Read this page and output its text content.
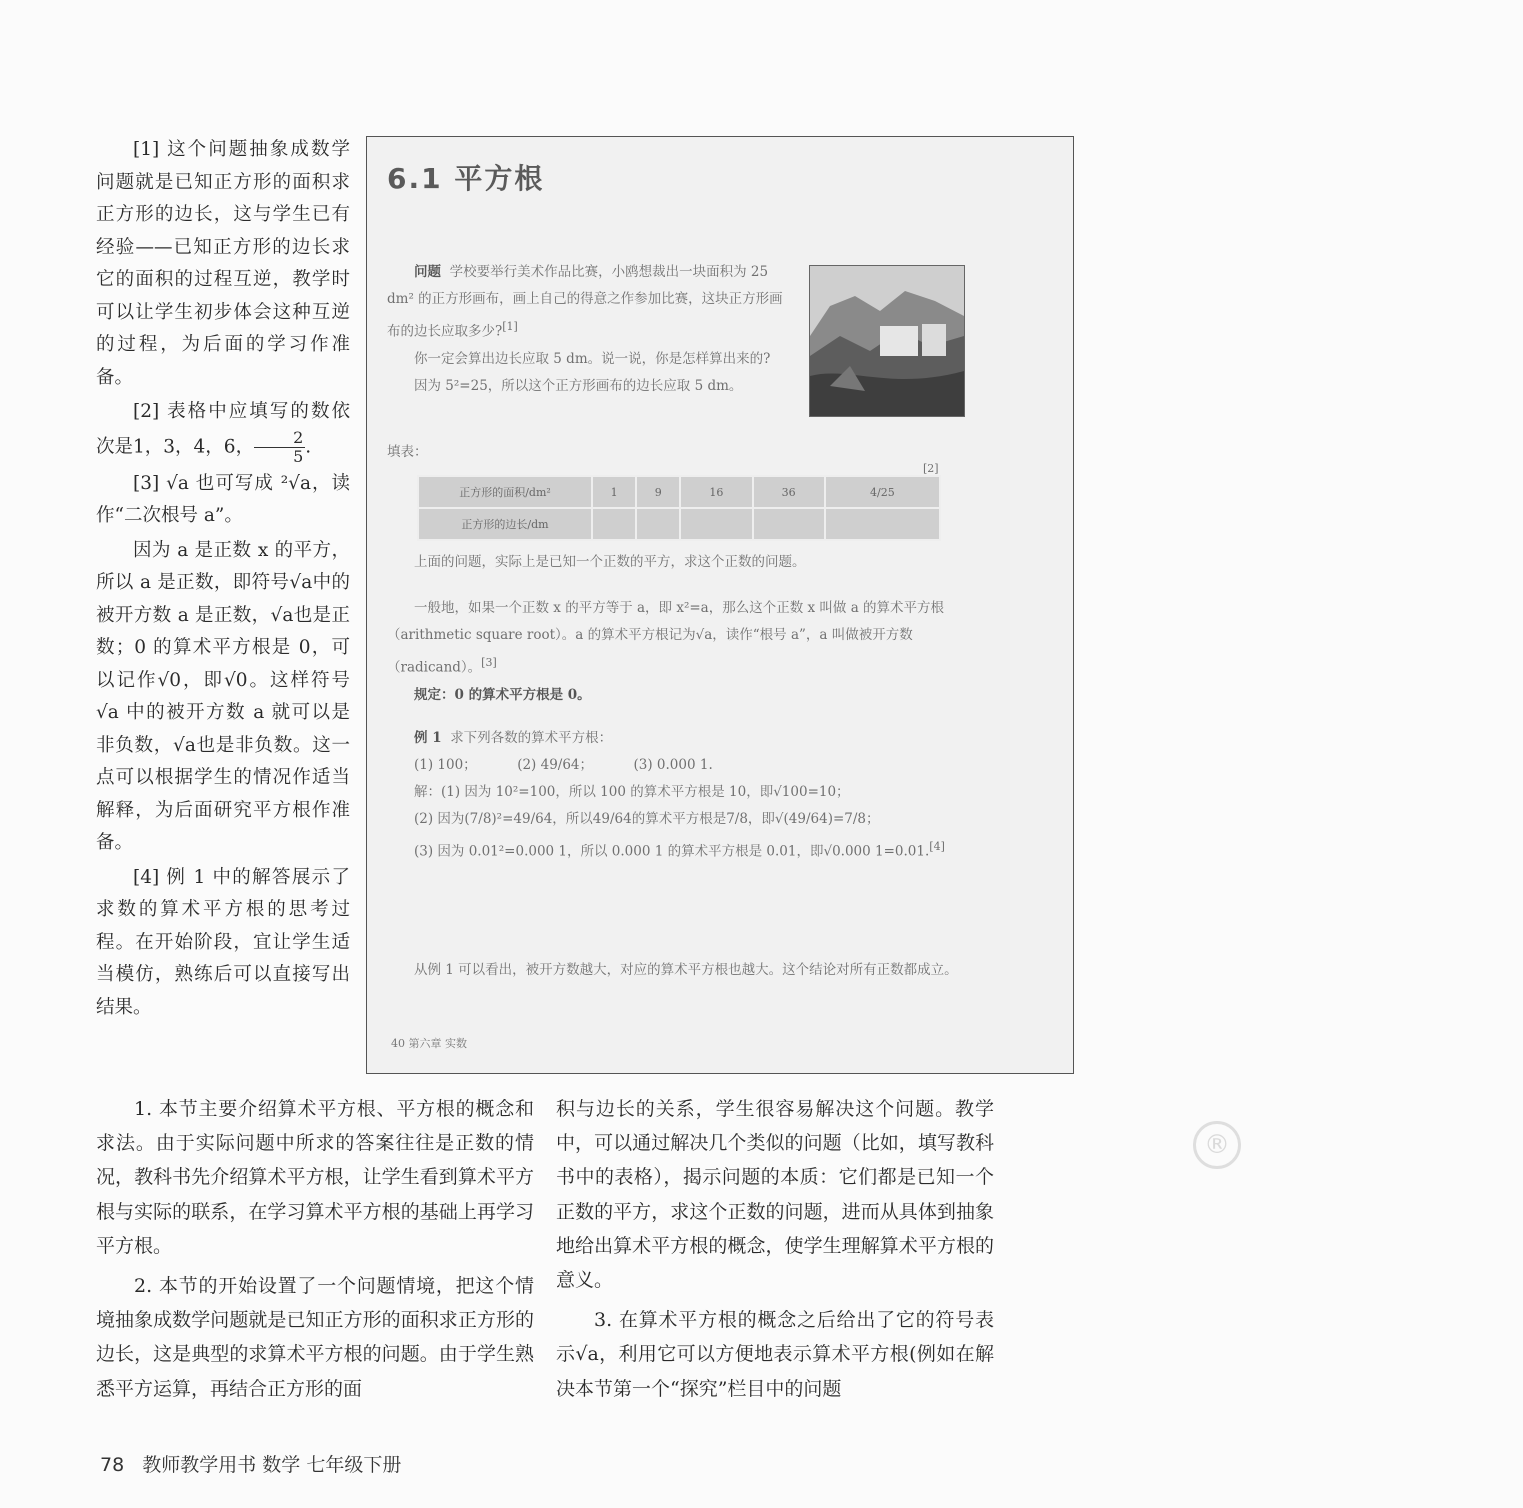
[1] 这个问题抽象成数学问题就是已知正方形的面积求正方形的边长，这与学生已有经验——已知正方形的边长求它的面积的过程互逆，教学时可以让学生初步体会这种互逆的过程，为后面的学习作准备。

[2] 表格中应填写的数依次是1，3，4，6， $\frac{2}{5}$ .

[3] √a 也可写成 ²√a，读作“二次根号 a”。

因为 a 是正数 x 的平方，所以 a 是正数，即符号√a中的被开方数 a 是正数，√a也是正数；0 的算术平方根是 0，可以记作√0，即√0。这样符号√a 中的被开方数 a 就可以是非负数，√a也是非负数。这一点可以根据学生的情况作适当解释，为后面研究平方根作准备。

[4] 例 1 中的解答展示了求数的算术平方根的思考过程。在开始阶段，宜让学生适当模仿，熟练后可以直接写出结果。

6.1 平方根

问题 学校要举行美术作品比赛，小鸥想裁出一块面积为 25 dm² 的正方形画布，画上自己的得意之作参加比赛，这块正方形画布的边长应取多少?[1]

你一定会算出边长应取 5 dm。说一说，你是怎样算出来的?

因为 5²=25，所以这个正方形画布的边长应取 5 dm。

填表：
[2]
正方形的面积/dm²	1	9	16	36	4/25
正方形的边长/dm					

上面的问题，实际上是已知一个正数的平方，求这个正数的问题。

一般地，如果一个正数 x 的平方等于 a，即 x²=a，那么这个正数 x 叫做 a 的算术平方根（arithmetic square root）。a 的算术平方根记为√a，读作“根号 a”，a 叫做被开方数（radicand）。[3]

规定：0 的算术平方根是 0。

例 1 求下列各数的算术平方根：

(1) 100；   	(2) 49/64；   	(3) 0.000 1.

解：(1) 因为 10²=100，所以 100 的算术平方根是 10，即√100=10；

(2) 因为(7/8)²=49/64，所以49/64的算术平方根是7/8，即√(49/64)=7/8；

(3) 因为 0.01²=0.000 1，所以 0.000 1 的算术平方根是 0.01，即√0.000 1=0.01.[4]

从例 1 可以看出，被开方数越大，对应的算术平方根也越大。这个结论对所有正数都成立。

40 第六章 实数
®

1. 本节主要介绍算术平方根、平方根的概念和求法。由于实际问题中所求的答案往往是正数的情况，教科书先介绍算术平方根，让学生看到算术平方根与实际的联系，在学习算术平方根的基础上再学习平方根。

2. 本节的开始设置了一个问题情境，把这个情境抽象成数学问题就是已知正方形的面积求正方形的边长，这是典型的求算术平方根的问题。由于学生熟悉平方运算，再结合正方形的面

积与边长的关系，学生很容易解决这个问题。教学中，可以通过解决几个类似的问题（比如，填写教科书中的表格），揭示问题的本质：它们都是已知一个正数的平方，求这个正数的问题，进而从具体到抽象地给出算术平方根的概念，使学生理解算术平方根的意义。

3. 在算术平方根的概念之后给出了它的符号表示√a，利用它可以方便地表示算术平方根(例如在解决本节第一个“探究”栏目中的问题

78 教师教学用书 数学 七年级下册
